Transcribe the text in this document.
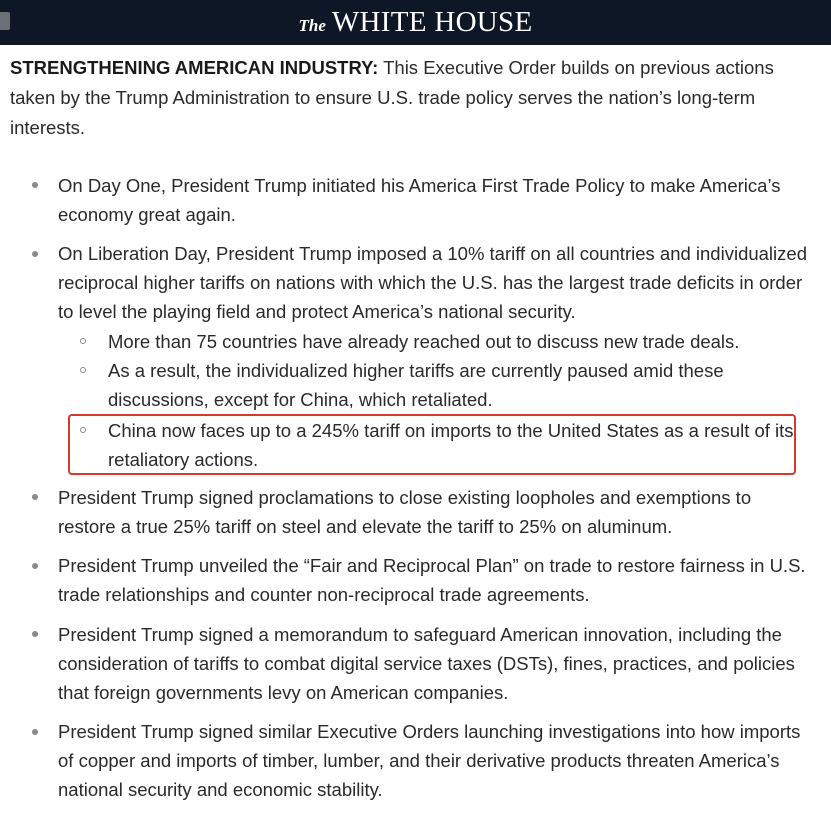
The WHITE HOUSE

STRENGTHENING AMERICAN INDUSTRY: This Executive Order builds on previous actions taken by the Trump Administration to ensure U.S. trade policy serves the nation’s long-term interests.

On Day One, President Trump initiated his America First Trade Policy to make America’s economy great again.
On Liberation Day, President Trump imposed a 10% tariff on all countries and individualized reciprocal higher tariffs on nations with which the U.S. has the largest trade deficits in order to level the playing field and protect America’s national security.
More than 75 countries have already reached out to discuss new trade deals.
As a result, the individualized higher tariffs are currently paused amid these discussions, except for China, which retaliated.
China now faces up to a 245% tariff on imports to the United States as a result of its retaliatory actions.
President Trump signed proclamations to close existing loopholes and exemptions to restore a true 25% tariff on steel and elevate the tariff to 25% on aluminum.
President Trump unveiled the “Fair and Reciprocal Plan” on trade to restore fairness in U.S. trade relationships and counter non-reciprocal trade agreements.
President Trump signed a memorandum to safeguard American innovation, including the consideration of tariffs to combat digital service taxes (DSTs), fines, practices, and policies that foreign governments levy on American companies.
President Trump signed similar Executive Orders launching investigations into how imports of copper and imports of timber, lumber, and their derivative products threaten America’s national security and economic stability.
